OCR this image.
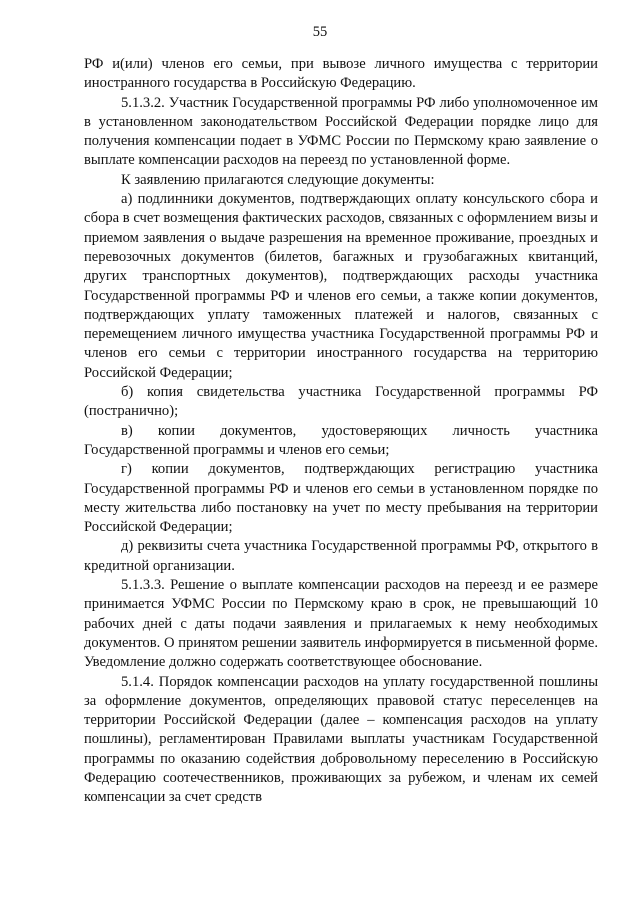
55

РФ и(или) членов его семьи, при вывозе личного имущества с территории иностранного государства в Российскую Федерацию.

5.1.3.2. Участник Государственной программы РФ либо уполномоченное им в установленном законодательством Российской Федерации порядке лицо для получения компенсации подает в УФМС России по Пермскому краю заявление о выплате компенсации расходов на переезд по установленной форме.

К заявлению прилагаются следующие документы:

а) подлинники документов, подтверждающих оплату консульского сбора и сбора в счет возмещения фактических расходов, связанных с оформлением визы и приемом заявления о выдаче разрешения на временное проживание, проездных и перевозочных документов (билетов, багажных и грузобагажных квитанций, других транспортных документов), подтверждающих расходы участника Государственной программы РФ и членов его семьи, а также копии документов, подтверждающих уплату таможенных платежей и налогов, связанных с перемещением личного имущества участника Государственной программы РФ и членов его семьи с территории иностранного государства на территорию Российской Федерации;

б) копия свидетельства участника Государственной программы РФ (постранично);

в) копии документов, удостоверяющих личность участника Государственной программы и членов его семьи;

г) копии документов, подтверждающих регистрацию участника Государственной программы РФ и членов его семьи в установленном порядке по месту жительства либо постановку на учет по месту пребывания на территории Российской Федерации;

д) реквизиты счета участника Государственной программы РФ, открытого в кредитной организации.

5.1.3.3. Решение о выплате компенсации расходов на переезд и ее размере принимается УФМС России по Пермскому краю в срок, не превышающий 10 рабочих дней с даты подачи заявления и прилагаемых к нему необходимых документов. О принятом решении заявитель информируется в письменной форме. Уведомление должно содержать соответствующее обоснование.

5.1.4. Порядок компенсации расходов на уплату государственной пошлины за оформление документов, определяющих правовой статус переселенцев на территории Российской Федерации (далее – компенсация расходов на уплату пошлины), регламентирован Правилами выплаты участникам Государственной программы по оказанию содействия добровольному переселению в Российскую Федерацию соотечественников, проживающих за рубежом, и членам их семей компенсации за счет средств
